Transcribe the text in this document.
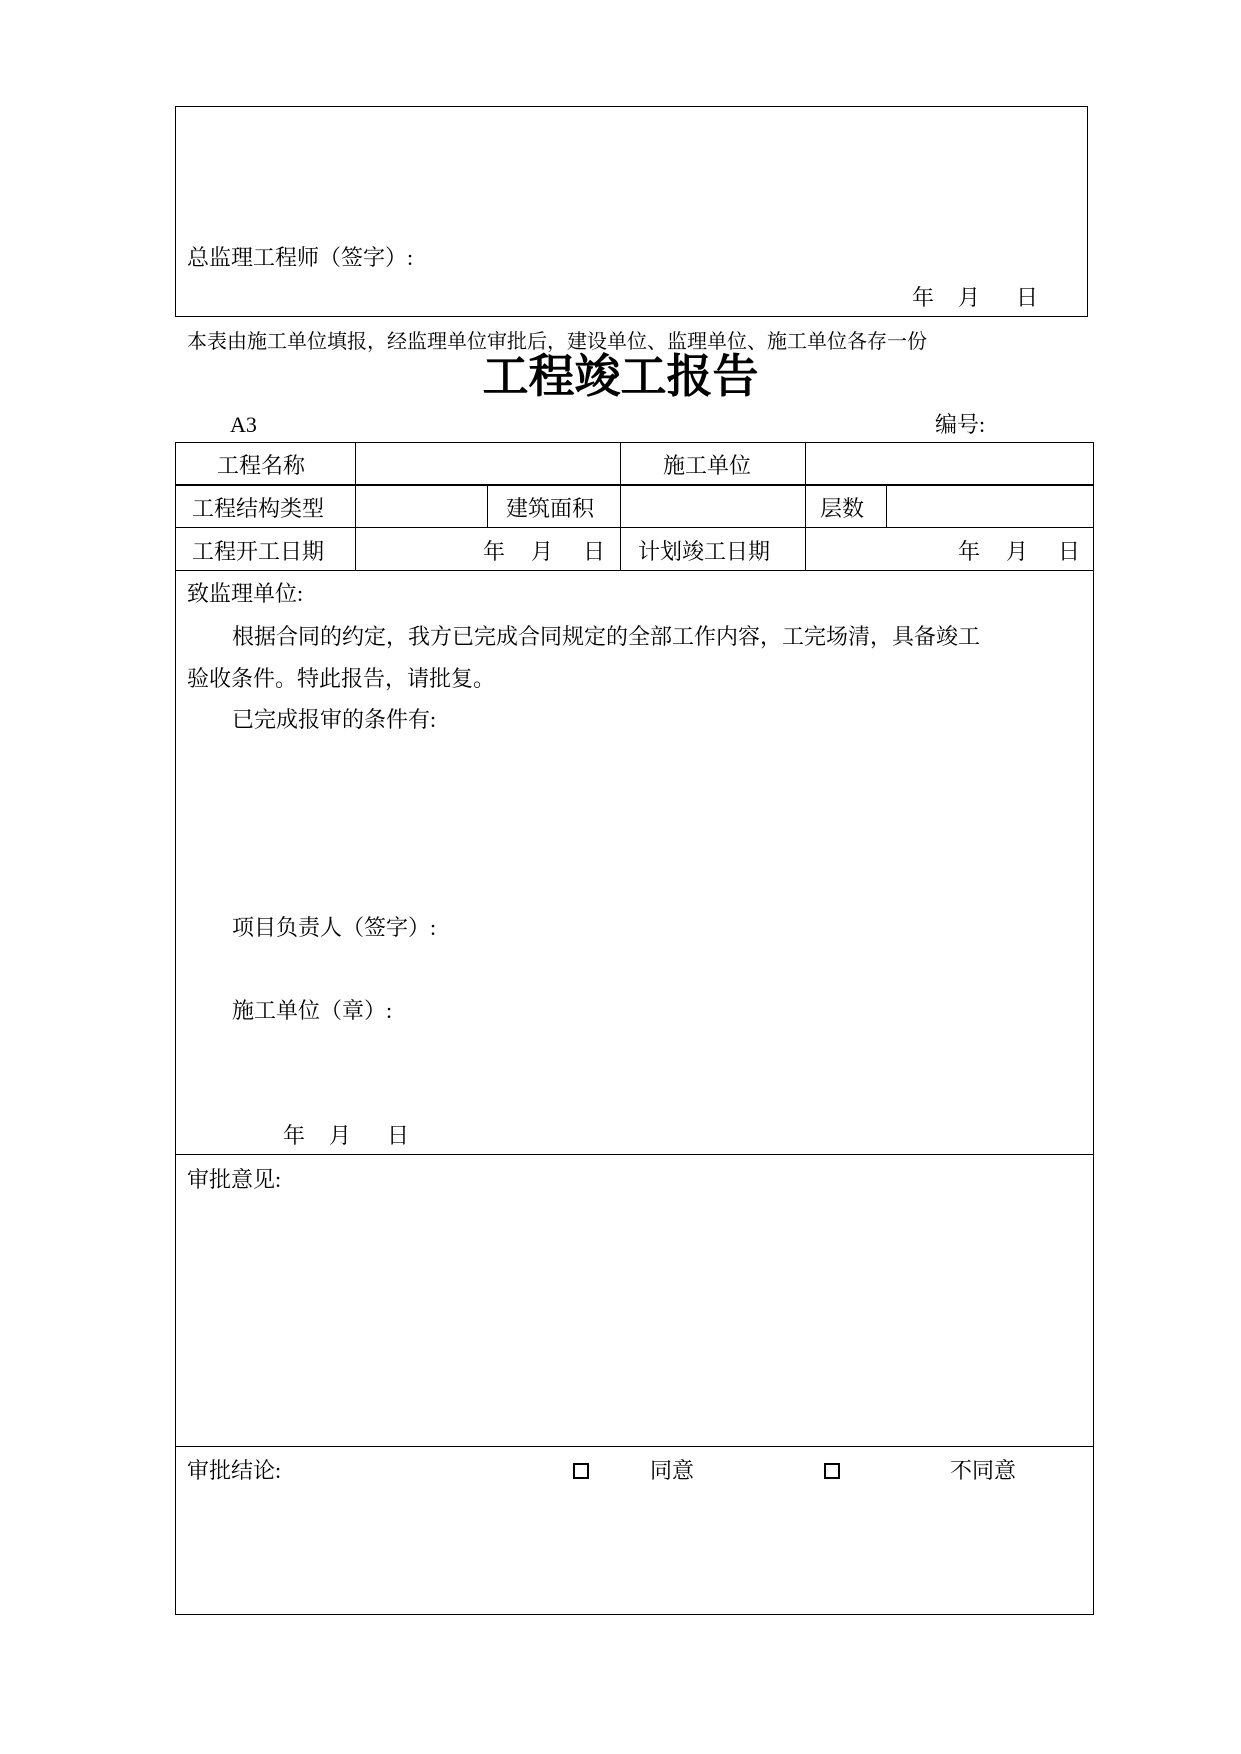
总监理工程师（签字）:
年 月 日
本表由施工单位填报，经监理单位审批后，建设单位、监理单位、施工单位各存一份
工程竣工报告
A3	编号:
工程名称	施工单位
工程结构类型	建筑面积	层数
工程开工日期	年 月 日 计划竣工日期	年 月 日
致监理单位:
根据合同的约定，我方已完成合同规定的全部工作内容，工完场清，具备竣工
验收条件。特此报告，请批复。
已完成报审的条件有:
项目负责人（签字）:
施工单位（章）:
年 月 日
审批意见:
审批结论:	同意	不同意
